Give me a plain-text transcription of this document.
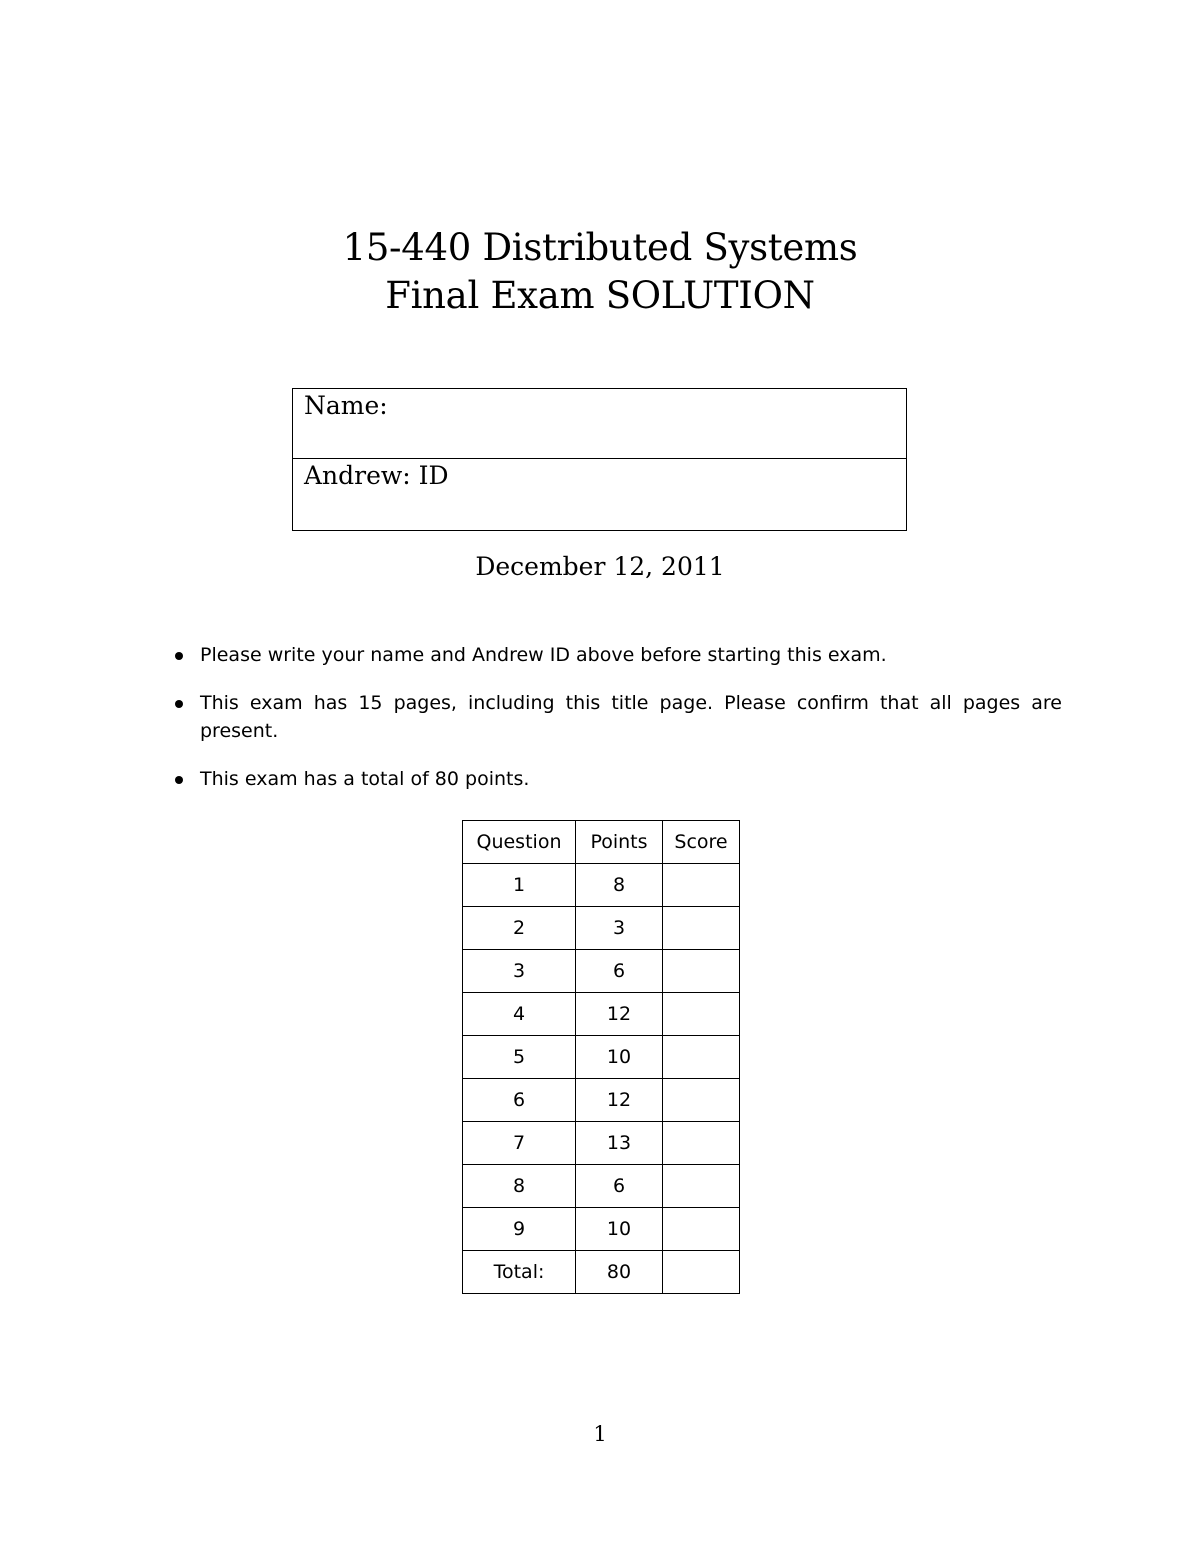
15-440 Distributed Systems
Final Exam SOLUTION
Name:
Andrew: ID
December 12, 2011
Please write your name and Andrew ID above before starting this exam.
This exam has 15 pages, including this title page. Please confirm that all pages are present.
This exam has a total of 80 points.
Question	Points	Score
1	8	
2	3	
3	6	
4	12	
5	10	
6	12	
7	13	
8	6	
9	10	
Total:	80	
1
